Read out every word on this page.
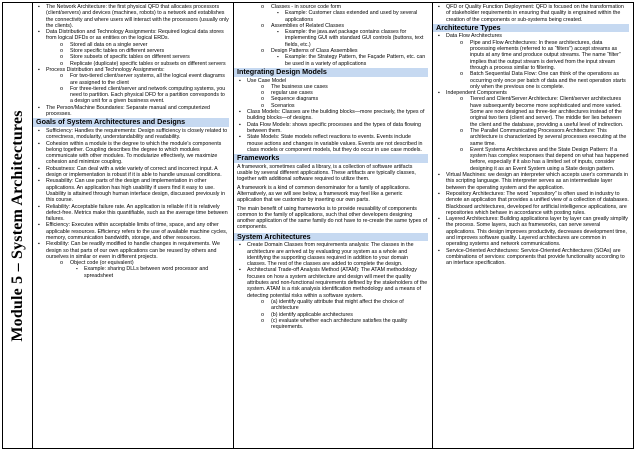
Module 5 – System Architectures
▪ The Network Architecture: the first physical QFD that allocates processors (client/servers) and devices (machines, robots) to a network and establishes the connectivity and where users will interact with the processors (usually only the clients).
▪ Data Distribution and Technology Assignments: Required logical data stores from logical DFDs or as entities on the logical ERDs.
o Stored all data on a single server
o Store specific tables on different servers
o Store subsets of specific tables on different servers
o Replicate (duplicate) specific tables or subsets on different servers
▪ Process Distribution and Technology Assignments:
o For two-tiered client/server systems, all the logical event diagrams are assigned to the client
o For three-tiered client/server and network computing systems, you need to partition. Each physical DFD for a partition corresponds to a design unit for a given business event.
▪ The Person/Machine Boundaries: Separate manual and computerized processes.
Goals of System Architectures and Designs
▪ Sufficiency: Handles the requirements: Design sufficiency is closely related to correctness, modularity, understandability and readability.
▪ Cohesion within a module is the degree to which the module's components belong together. Coupling describes the degree to which modules communicate with other modules. To modularize effectively, we maximize cohesion and minimize coupling.
▪ Robustness: Can deal with a wide variety of correct and incorrect input. A design or implementation is robust if it is able to handle unusual conditions.
▪ Reusability: Can use parts of the design and implementation in other applications. An application has high usability if users find it easy to use. Usability is attained through human interface design, discussed previously in this course.
▪ Reliability: Acceptable failure rate. An application is reliable if it is relatively defect-free. Metrics make this quantifiable, such as the average time between failures.
▪ Efficiency: Executes within acceptable limits of time, space, and any other applicable resources. Efficiency refers to the use of available machine cycles, memory, communication bandwidth, storage, and other resources.
▪ Flexibility: Can be readily modified to handle changes in requirements. We design so that parts of our own applications can be reused by others and ourselves in similar or even in different projects.
o Object code (or equivalent)
▪ Example: sharing DLLs between word processor and spreadsheet
o Classes - in source code form
▪ Example: Customer class extended and used by several applications
o Assemblies of Related Classes
▪ Example: the java.awt package contains classes for implementing GUI with standard GUI controls (buttons, text fields, etc.)
o Design Patterns of Class Assemblies
▪ Example: the Strategy Pattern, the Façade Pattern, etc. can be used in a variety of applications
Integrating Design Models
▪ Use Case Model
o The business use cases
o regular use cases
o Sequence diagrams
o Scenarios
▪ Class Models: Classes are the building blocks—more precisely, the types of building blocks—of designs.
▪ Data Flow Models: shows specific processes and the types of data flowing between them.
▪ State Models: State models reflect reactions to events. Events include mouse actions and changes in variable values. Events are not described in class models or component models, but they do occur in use case models.
Frameworks
A framework, sometimes called a library, is a collection of software artifacts usable by several different applications. These artifacts are typically classes, together with additional software required to utilize them.
A framework is a kind of common denominator for a family of applications. Alternatively, as we will see below, a framework may feel like a generic application that we customize by inserting our own parts.
The main benefit of using frameworks is to provide reusability of components common to the family of applications, such that other developers designing another application of the same family do not have to re-create the same types of components.
System Architectures
▪ Create Domain Classes from requirements analysis: The classes in the architecture are arrived at by evaluating your system as a whole and identifying the supporting classes required in addition to your domain classes. The rest of the classes are added to complete the design.
▪ Architectural Trade-off Analysis Method (ATAM): The ATAM methodology focuses on how a system architecture and design will meet the quality attributes and non-functional requirements defined by the stakeholders of the system. ATAM is a risk analysis identification methodology and a means of detecting potential risks within a software system.
o (a) identify quality attribute that might affect the choice of architecture
o (b) identify applicable architectures
o (c) evaluate whether each architecture satisfies the quality requirements.
▪ QFD or Quality Function Deployment: QFD is focused on the transformation of stakeholder requirements in ensuring that quality is engrained within the creation of the components or sub-systems being created.
Architecture Types
▪ Data Flow Architectures
o Pipe and Flow Architectures: In these architectures, data processing elements (referred to as “filters”) accept streams as inputs at any time and produce output streams. The name “filter” implies that the output stream is derived from the input stream through a process similar to filtering.
o Batch Sequential Data Flow: One can think of the operations as occurring only once per batch of data and the next operation starts only when the previous one is complete.
▪ Independent Components
o Tiered and Client/Server Architecture: Client/server architectures have subsequently become more sophisticated and more varied. Some are now designed as three-tier architectures instead of the original two tiers (client and server). The middle tier lies between the client and the database, providing a useful level of indirection.
o The Parallel Communicating Processors Architecture: This architecture is characterized by several processes executing at the same time.
o Event Systems Architectures and the State Design Pattern: If a system has complex responses that depend on what has happened before, especially if it also has a limited set of inputs, consider designing it as an Event System using a State design pattern.
▪ Virtual Machines: we design an interpreter which accepts user's commands in this scripting language. This interpreter serves as an intermediate layer between the operating system and the application.
▪ Repository Architectures: The word “repository” is often used in industry to denote an application that provides a unified view of a collection of databases. Blackboard architectures, developed for artificial intelligence applications, are repositories which behave in accordance with posting rules.
▪ Layered Architectures: Building applications layer by layer can greatly simplify the process. Some layers, such as frameworks, can serve several applications. This design improves productivity, decreases development time, and improves software quality. Layered architectures are common in operating systems and network communications.
▪ Service-Oriented Architectures: Service-Oriented Architectures (SOAs) are combinations of services: components that provide functionality according to an interface specification.
